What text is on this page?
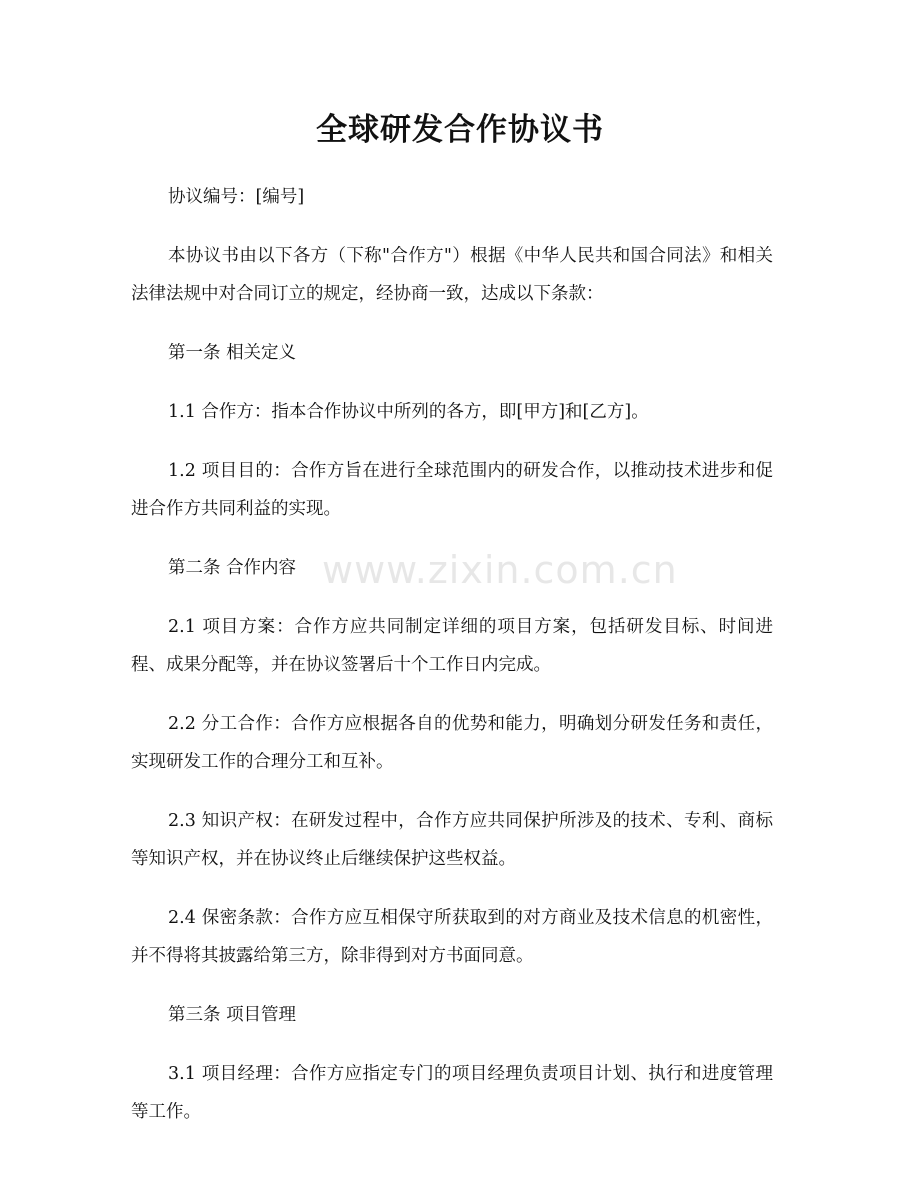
全球研发合作协议书

协议编号：[编号]

本协议书由以下各方（下称"合作方"）根据《中华人民共和国合同法》和相关法律法规中对合同订立的规定，经协商一致，达成以下条款：

第一条 相关定义

1.1 合作方：指本合作协议中所列的各方，即[甲方]和[乙方]。

1.2 项目目的：合作方旨在进行全球范围内的研发合作，以推动技术进步和促进合作方共同利益的实现。

第二条 合作内容

2.1 项目方案：合作方应共同制定详细的项目方案，包括研发目标、时间进程、成果分配等，并在协议签署后十个工作日内完成。

2.2 分工合作：合作方应根据各自的优势和能力，明确划分研发任务和责任，实现研发工作的合理分工和互补。

2.3 知识产权：在研发过程中，合作方应共同保护所涉及的技术、专利、商标等知识产权，并在协议终止后继续保护这些权益。

2.4 保密条款：合作方应互相保守所获取到的对方商业及技术信息的机密性，并不得将其披露给第三方，除非得到对方书面同意。

第三条 项目管理

3.1 项目经理：合作方应指定专门的项目经理负责项目计划、执行和进度管理等工作。

www.zixin.com.cn
